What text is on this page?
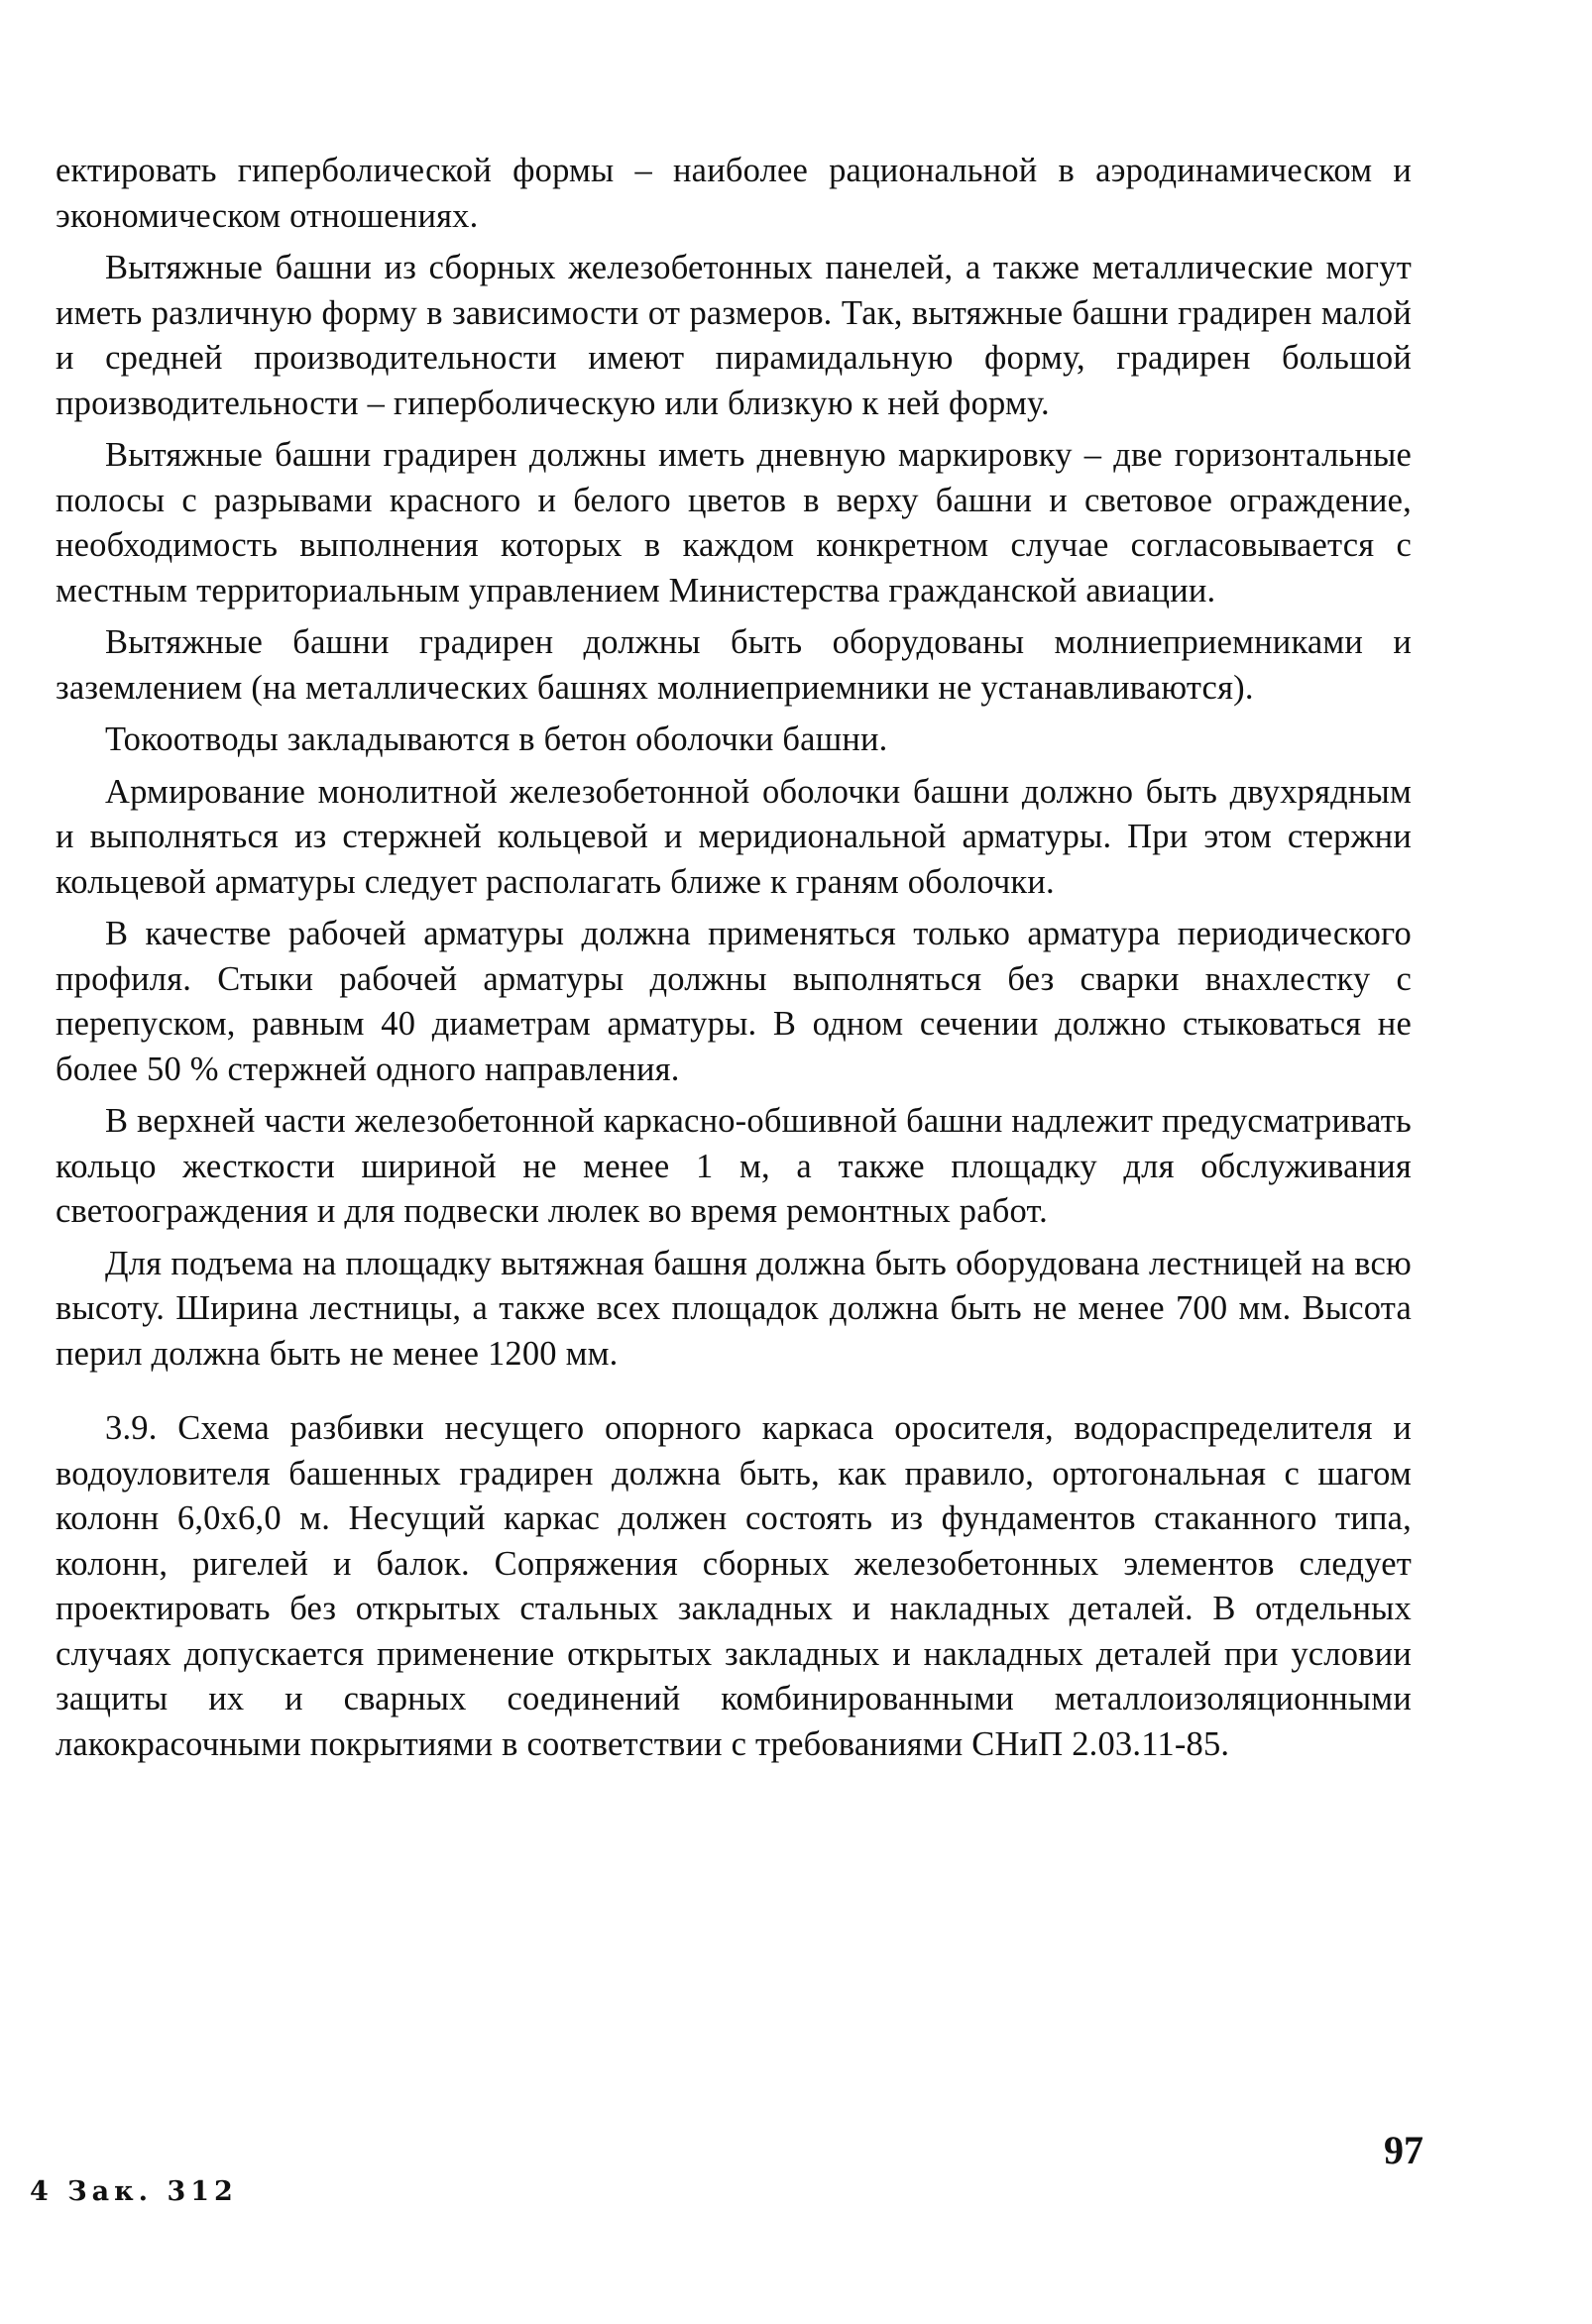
ектировать гиперболической формы – наиболее рациональной в аэродинамическом и экономическом отношениях.

Вытяжные башни из сборных железобетонных панелей, а также металлические могут иметь различную форму в зависимости от размеров. Так, вытяжные башни градирен малой и средней производительности имеют пирамидальную форму, градирен большой производительности – гиперболическую или близкую к ней форму.

Вытяжные башни градирен должны иметь дневную маркировку – две горизонтальные полосы с разрывами красного и белого цветов в верху башни и световое ограждение, необходимость выполнения которых в каждом конкретном случае согласовывается с местным территориальным управлением Министерства гражданской авиации.

Вытяжные башни градирен должны быть оборудованы молниеприемниками и заземлением (на металлических башнях молниеприемники не устанавливаются).

Токоотводы закладываются в бетон оболочки башни.

Армирование монолитной железобетонной оболочки башни должно быть двухрядным и выполняться из стержней кольцевой и меридиональной арматуры. При этом стержни кольцевой арматуры следует располагать ближе к граням оболочки.

В качестве рабочей арматуры должна применяться только арматура периодического профиля. Стыки рабочей арматуры должны выполняться без сварки внахлестку с перепуском, равным 40 диаметрам арматуры. В одном сечении должно стыковаться не более 50 % стержней одного направления.

В верхней части железобетонной каркасно-обшивной башни надлежит предусматривать кольцо жесткости шириной не менее 1 м, а также площадку для обслуживания светоограждения и для подвески люлек во время ремонтных работ.

Для подъема на площадку вытяжная башня должна быть оборудована лестницей на всю высоту. Ширина лестницы, а также всех площадок должна быть не менее 700 мм. Высота перил должна быть не менее 1200 мм.

3.9. Схема разбивки несущего опорного каркаса оросителя, водораспределителя и водоуловителя башенных градирен должна быть, как правило, ортогональная с шагом колонн 6,0х6,0 м. Несущий каркас должен состоять из фундаментов стаканного типа, колонн, ригелей и балок. Сопряжения сборных железобетонных элементов следует проектировать без открытых стальных закладных и накладных деталей. В отдельных случаях допускается применение открытых закладных и накладных деталей при условии защиты их и сварных соединений комбинированными металлоизоляционными лакокрасочными покрытиями в соответствии с требованиями СНиП 2.03.11-85.

97
4 Зак. 312
